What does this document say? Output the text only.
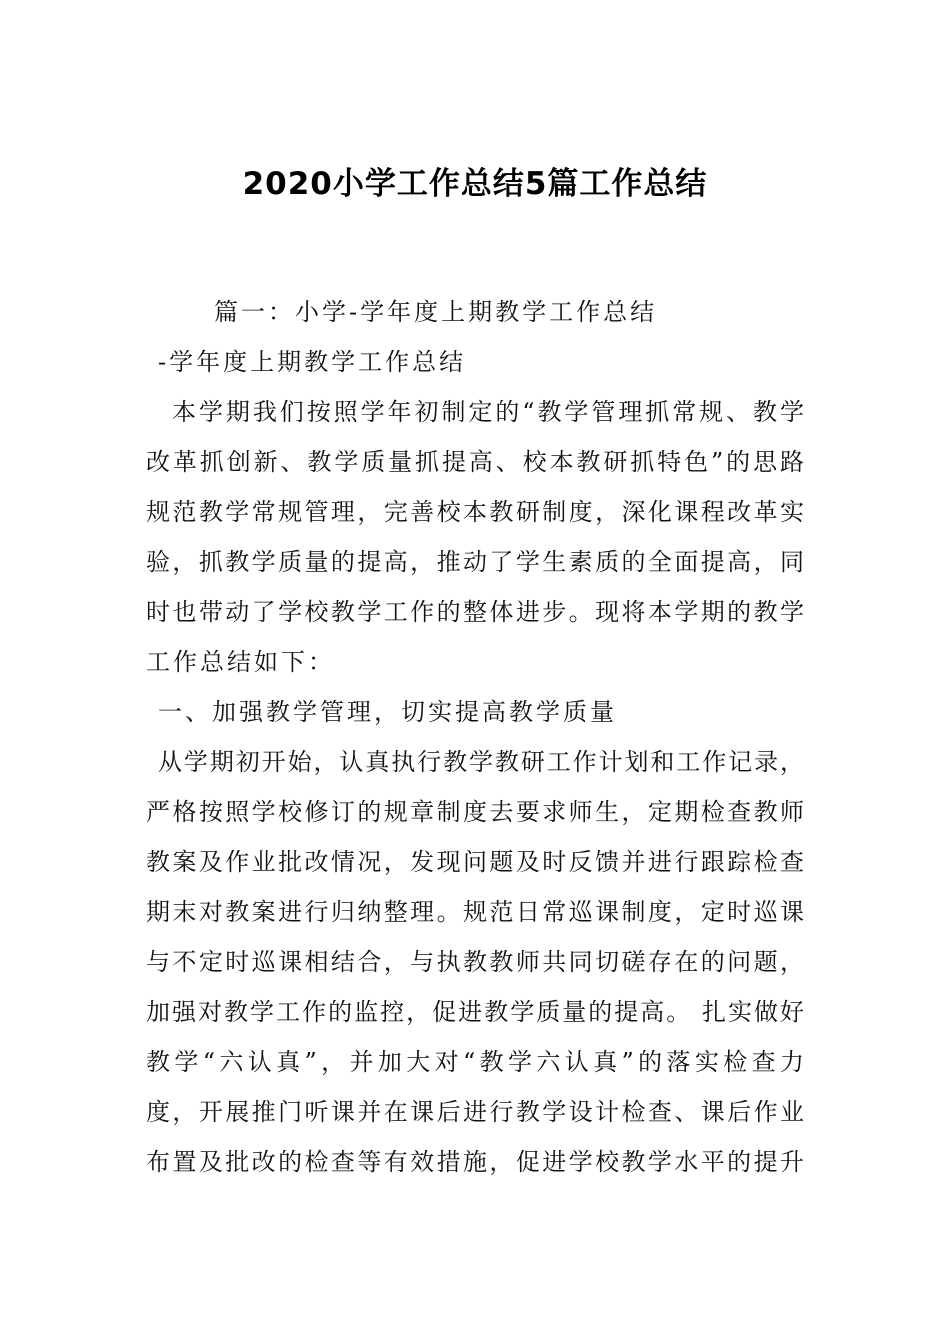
2020小学工作总结5篇工作总结
篇一：小学-学年度上期教学工作总结
-学年度上期教学工作总结
本学期我们按照学年初制定的“教学管理抓常规、教学
改革抓创新、教学质量抓提高、校本教研抓特色”的思路
规范教学常规管理，完善校本教研制度，深化课程改革实
验，抓教学质量的提高，推动了学生素质的全面提高，同
时也带动了学校教学工作的整体进步。现将本学期的教学
工作总结如下：
一、加强教学管理，切实提高教学质量
从学期初开始，认真执行教学教研工作计划和工作记录，
严格按照学校修订的规章制度去要求师生，定期检查教师
教案及作业批改情况，发现问题及时反馈并进行跟踪检查
期末对教案进行归纳整理。规范日常巡课制度，定时巡课
与不定时巡课相结合，与执教教师共同切磋存在的问题，
加强对教学工作的监控，促进教学质量的提高。 扎实做好
教学“六认真”，并加大对“教学六认真”的落实检查力
度，开展推门听课并在课后进行教学设计检查、课后作业
布置及批改的检查等有效措施，促进学校教学水平的提升
